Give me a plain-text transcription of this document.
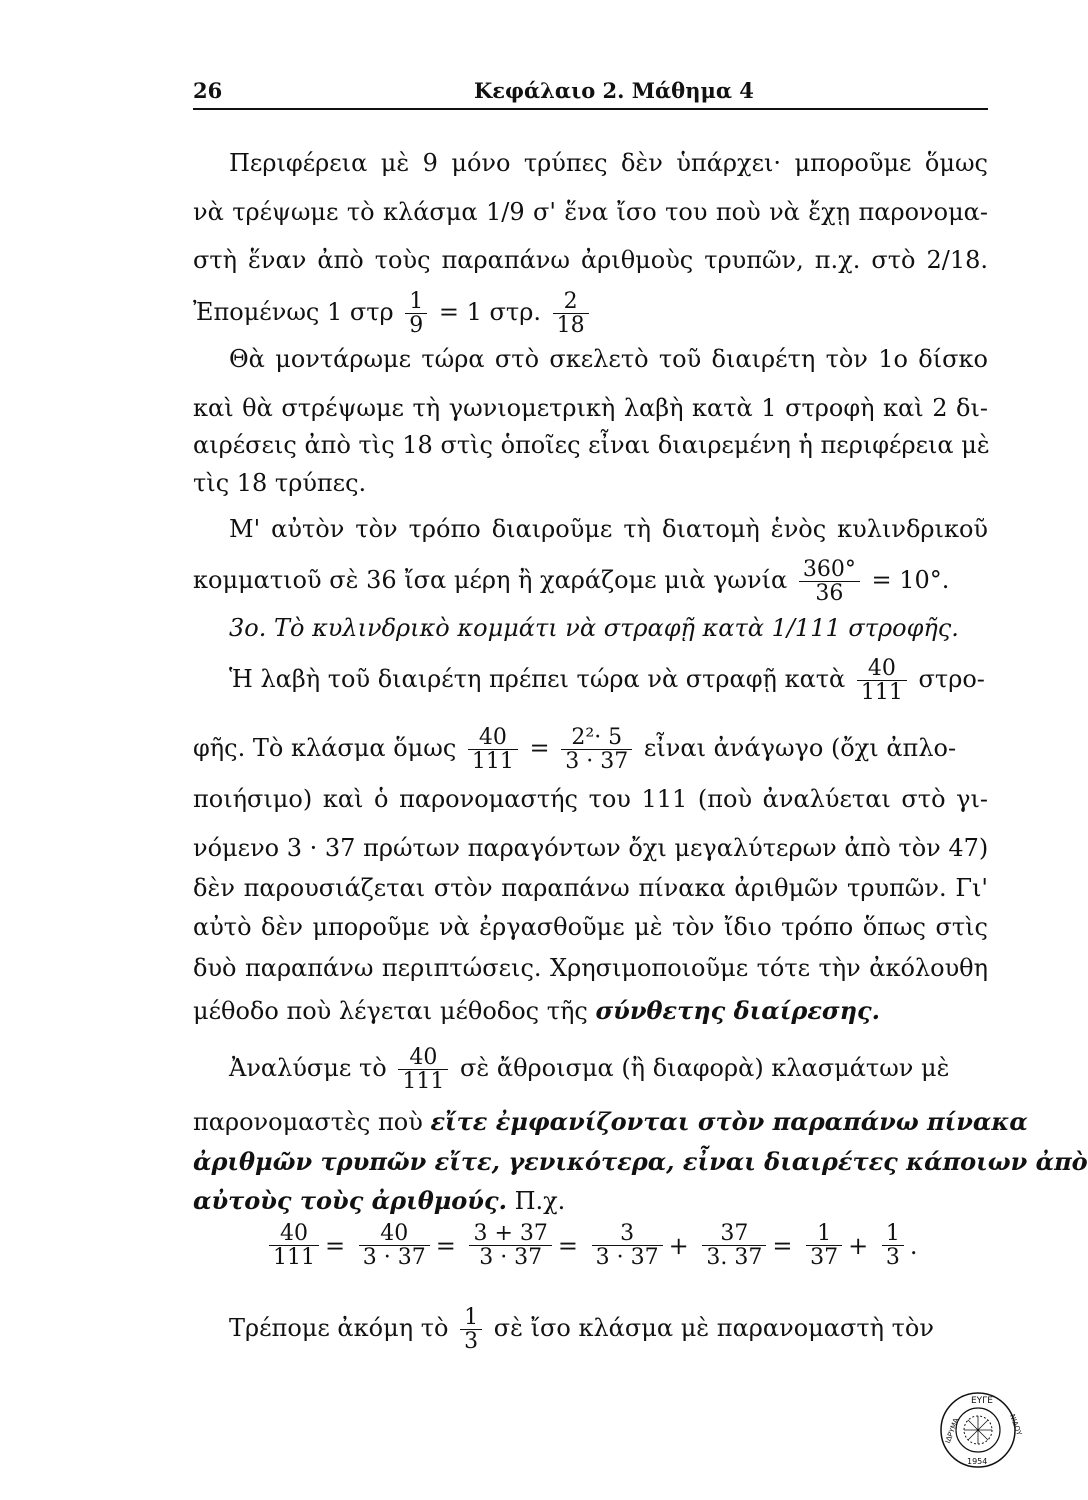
26	Κεφάλαιο 2. Μάθημα 4
Περιφέρεια μὲ 9 μόνο τρύπες δὲν ὑπάρχει· μποροῦμε ὅμως
νὰ τρέψωμε τὸ κλάσμα 1/9 σ' ἕνα ἴσο του ποὺ νὰ ἔχῃ παρονομα-
στὴ ἕναν ἀπὸ τοὺς παραπάνω ἀριθμοὺς τρυπῶν, π.χ. στὸ 2/18.
Ἐπομένως 1 στρ $\frac{1}{9} = 1$ στρ. $\frac{2}{18}$
Θὰ μοντάρωμε τώρα στὸ σκελετὸ τοῦ διαιρέτη τὸν 1ο δίσκο
καὶ θὰ στρέψωμε τὴ γωνιομετρικὴ λαβὴ κατὰ 1 στροφὴ καὶ 2 δι-
αιρέσεις ἀπὸ τὶς 18 στὶς ὁποῖες εἶναι διαιρεμένη ἡ περιφέρεια μὲ
τὶς 18 τρύπες.
Μ' αὐτὸν τὸν τρόπο διαιροῦμε τὴ διατομὴ ἑνὸς κυλινδρικοῦ
κομματιοῦ σὲ 36 ἴσα μέρη ἢ χαράζομε μιὰ γωνία $\frac{360^\circ}{36} = 10^\circ$.
3ο. Τὸ κυλινδρικὸ κομμάτι νὰ στραφῇ κατὰ 1/111 στροφῆς.
Ἡ λαβὴ τοῦ διαιρέτη πρέπει τώρα νὰ στραφῇ κατὰ $\frac{40}{111} \sigma\tau\rho o-$
φῆς. Τὸ κλάσμα ὅμως $\frac{40}{111} = \frac{\text{2²· 5}}{3 \cdot 37}$ εἶναι ἀνάγωγο (ὄχι ἀπλο-
ποιήσιμο) καὶ ὁ παρονομαστής του 111 (ποὺ ἀναλύεται στὸ γι-
νόμενο 3 · 37 πρώτων παραγόντων ὄχι μεγαλύτερων ἀπὸ τὸν 47)
δὲν παρουσιάζεται στὸν παραπάνω πίνακα ἀριθμῶν τρυπῶν. Γι'
αὐτὸ δὲν μποροῦμε νὰ ἐργασθοῦμε μὲ τὸν ἴδιο τρόπο ὅπως στὶς
δυὸ παραπάνω περιπτώσεις. Χρησιμοποιοῦμε τότε τὴν ἀκόλουθη
μέθοδο ποὺ λέγεται μέθοδος τῆς σύνθετης διαίρεσης.
Ἀναλύσμε τὸ $\frac{40}{111}$ σὲ ἄθροισμα (ἢ διαφορὰ) κλασμάτων μὲ
παρονομαστὲς ποὺ εἴτε ἐμφανίζονται στὸν παραπάνω πίνακα
ἀριθμῶν τρυπῶν εἴτε, γενικότερα, εἶναι διαιρέτες κάποιων ἀπὸ
αὐτοὺς τοὺς ἀριθμούς. Π.χ.
$\frac{40}{111} = \frac{40}{3 \cdot 37} = \frac{3 + 37}{3 \cdot 37} = \frac{3}{3 \cdot 37} + \frac{37}{3. 37} = \frac{1}{37} + \frac{1}{3}$ .
Τρέπομε ἀκόμη τὸ $\frac{1}{3}$ σὲ ἴσο κλάσμα μὲ παρανομαστὴ τὸν
ΕΥΓΕ
ΙΔΡΥΜΑ	ΝΙΔΟΥ
1954
